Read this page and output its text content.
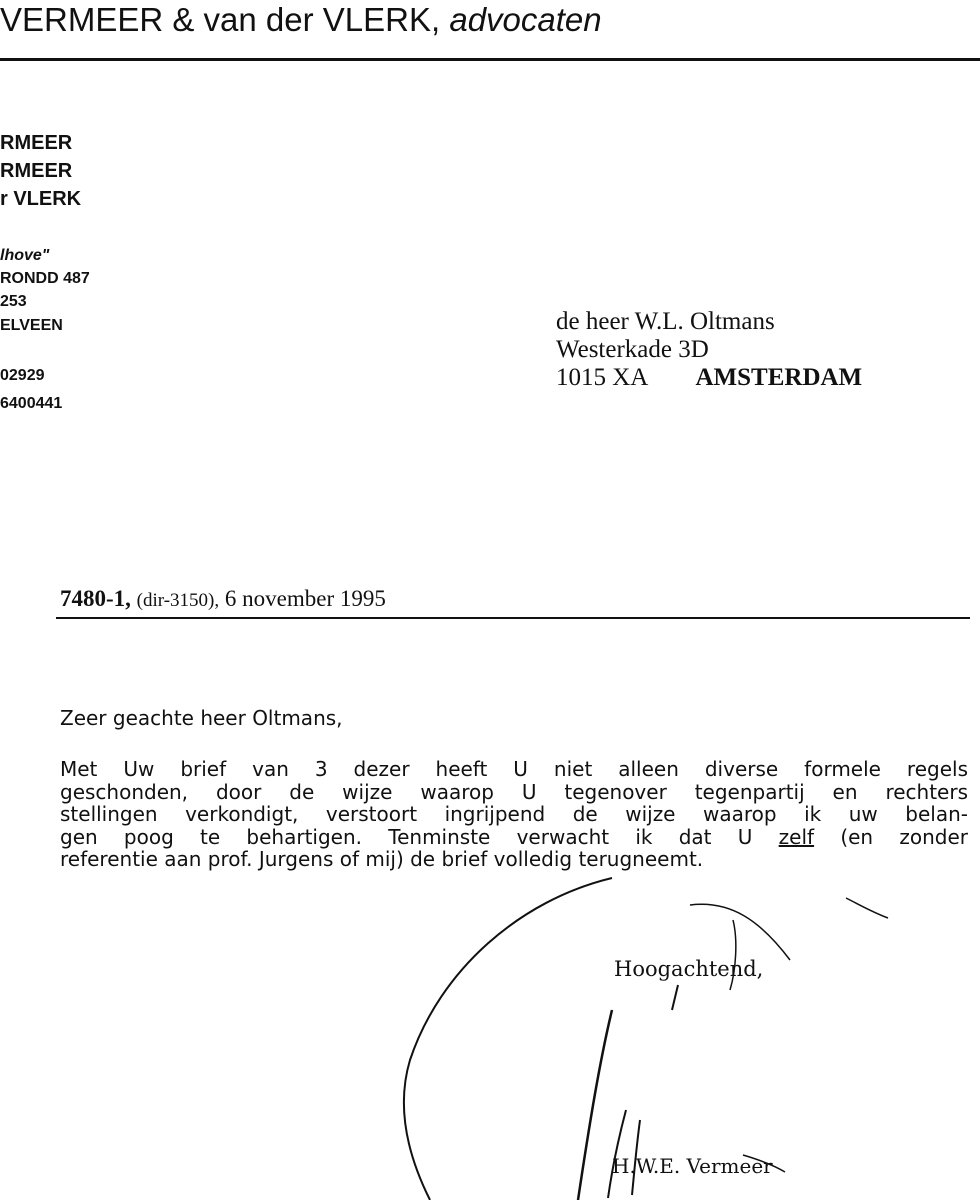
VERMEER & van der VLERK, advocaten
RMEER
RMEER
r VLERK
lhove"
RONDD 487
253
ELVEEN
02929
6400441
de heer W.L. Oltmans
Westerkade 3D
1015 XA AMSTERDAM
7480-1, (dir-3150), 6 november 1995
Zeer geachte heer Oltmans,
Met Uw brief van 3 dezer heeft U niet alleen diverse formele regels
geschonden, door de wijze waarop U tegenover tegenpartij en rechters
stellingen verkondigt, verstoort ingrijpend de wijze waarop ik uw belan-
gen poog te behartigen. Tenminste verwacht ik dat U zelf (en zonder
referentie aan prof. Jurgens of mij) de brief volledig terugneemt.
Hoogachtend,
H.W.E. Vermeer
